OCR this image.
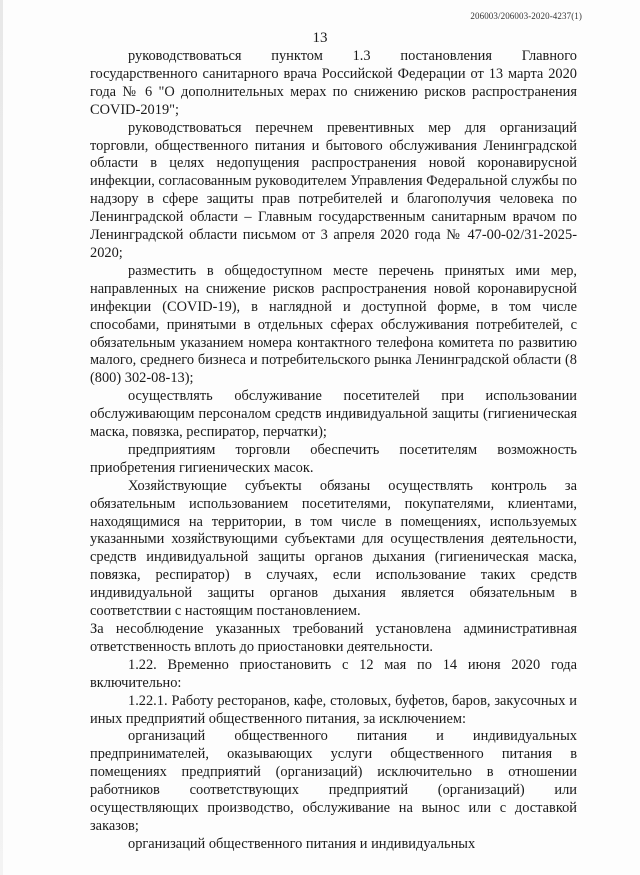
206003/206003-2020-4237(1)
13

руководствоваться пунктом 1.3 постановления Главного государственного санитарного врача Российской Федерации от 13 марта 2020 года № 6 "О дополнительных мерах по снижению рисков распространения COVID-2019";

руководствоваться перечнем превентивных мер для организаций торговли, общественного питания и бытового обслуживания Ленинградской области в целях недопущения распространения новой коронавирусной инфекции, согласованным руководителем Управления Федеральной службы по надзору в сфере защиты прав потребителей и благополучия человека по Ленинградской области – Главным государственным санитарным врачом по Ленинградской области письмом от 3 апреля 2020 года № 47-00-02/31-2025-2020;

разместить в общедоступном месте перечень принятых ими мер, направленных на снижение рисков распространения новой коронавирусной инфекции (COVID-19), в наглядной и доступной форме, в том числе способами, принятыми в отдельных сферах обслуживания потребителей, с обязательным указанием номера контактного телефона комитета по развитию малого, среднего бизнеса и потребительского рынка Ленинградской области (8 (800) 302-08-13);

осуществлять обслуживание посетителей при использовании обслуживающим персоналом средств индивидуальной защиты (гигиеническая маска, повязка, респиратор, перчатки);

предприятиям торговли обеспечить посетителям возможность приобретения гигиенических масок.

Хозяйствующие субъекты обязаны осуществлять контроль за обязательным использованием посетителями, покупателями, клиентами, находящимися на территории, в том числе в помещениях, используемых указанными хозяйствующими субъектами для осуществления деятельности, средств индивидуальной защиты органов дыхания (гигиеническая маска, повязка, респиратор) в случаях, если использование таких средств индивидуальной защиты органов дыхания является обязательным в соответствии с настоящим постановлением.

За несоблюдение указанных требований установлена административная ответственность вплоть до приостановки деятельности.

1.22. Временно приостановить с 12 мая по 14 июня 2020 года включительно:

1.22.1. Работу ресторанов, кафе, столовых, буфетов, баров, закусочных и иных предприятий общественного питания, за исключением:

организаций общественного питания и индивидуальных предпринимателей, оказывающих услуги общественного питания в помещениях предприятий (организаций) исключительно в отношении работников соответствующих предприятий (организаций) или осуществляющих производство, обслуживание на вынос или с доставкой заказов;

организаций общественного питания и индивидуальных
